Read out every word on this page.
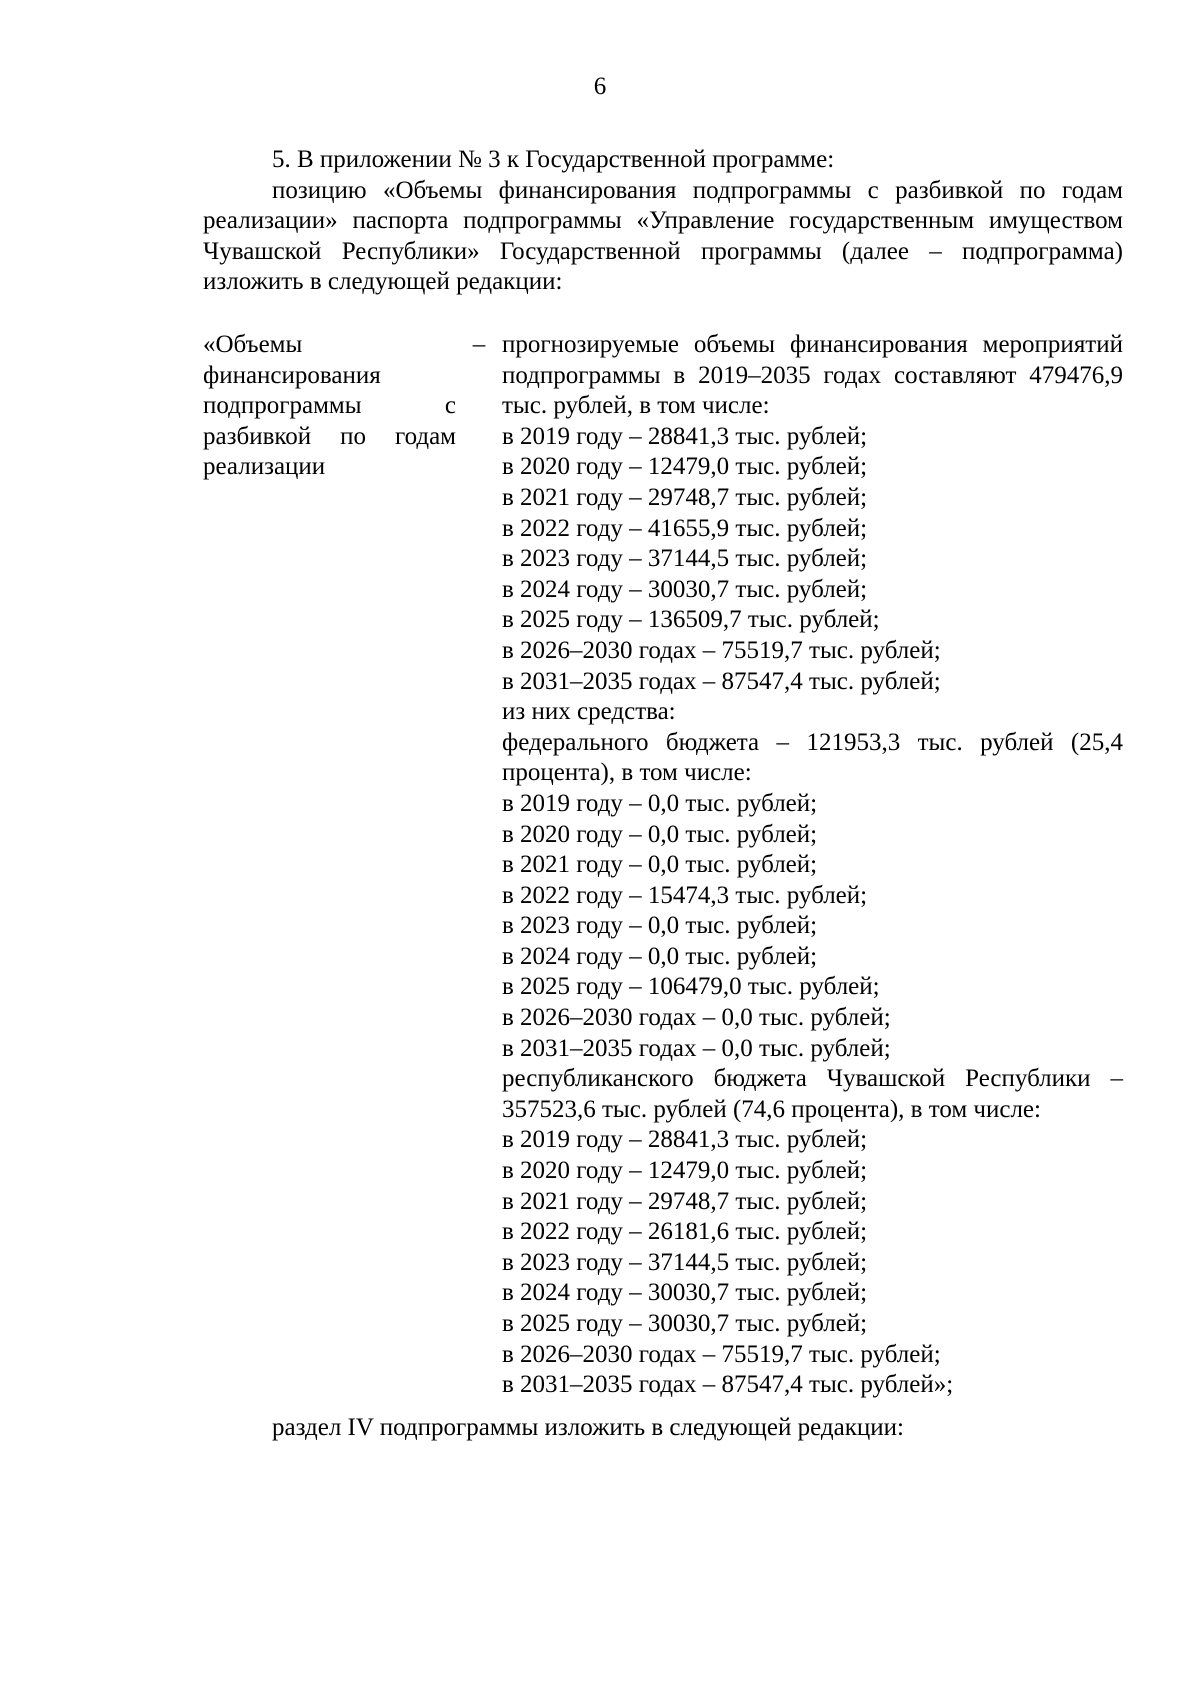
6

5. В приложении № 3 к Государственной программе:

позицию «Объемы финансирования подпрограммы с разбивкой по годам реализации» паспорта подпрограммы «Управление государственным имуществом Чувашской Республики» Государственной программы (далее – подпрограмма) изложить в следующей редакции:

«Объемы финансирования подпрограммы с разбивкой по годам реализации
– прогнозируемые объемы финансирования мероприятий подпрограммы в 2019–2035 годах составляют 479476,9 тыс. рублей, в том числе:
в 2019 году – 28841,3 тыс. рублей;
в 2020 году – 12479,0 тыс. рублей;
в 2021 году – 29748,7 тыс. рублей;
в 2022 году – 41655,9 тыс. рублей;
в 2023 году – 37144,5 тыс. рублей;
в 2024 году – 30030,7 тыс. рублей;
в 2025 году – 136509,7 тыс. рублей;
в 2026–2030 годах – 75519,7 тыс. рублей;
в 2031–2035 годах – 87547,4 тыс. рублей;
из них средства:
федерального бюджета – 121953,3 тыс. рублей (25,4 процента), в том числе:
в 2019 году – 0,0 тыс. рублей;
в 2020 году – 0,0 тыс. рублей;
в 2021 году – 0,0 тыс. рублей;
в 2022 году – 15474,3 тыс. рублей;
в 2023 году – 0,0 тыс. рублей;
в 2024 году – 0,0 тыс. рублей;
в 2025 году – 106479,0 тыс. рублей;
в 2026–2030 годах – 0,0 тыс. рублей;
в 2031–2035 годах – 0,0 тыс. рублей;
республиканского бюджета Чувашской Республики – 357523,6 тыс. рублей (74,6 процента), в том числе:
в 2019 году – 28841,3 тыс. рублей;
в 2020 году – 12479,0 тыс. рублей;
в 2021 году – 29748,7 тыс. рублей;
в 2022 году – 26181,6 тыс. рублей;
в 2023 году – 37144,5 тыс. рублей;
в 2024 году – 30030,7 тыс. рублей;
в 2025 году – 30030,7 тыс. рублей;
в 2026–2030 годах – 75519,7 тыс. рублей;
в 2031–2035 годах – 87547,4 тыс. рублей»;
раздел IV подпрограммы изложить в следующей редакции:
